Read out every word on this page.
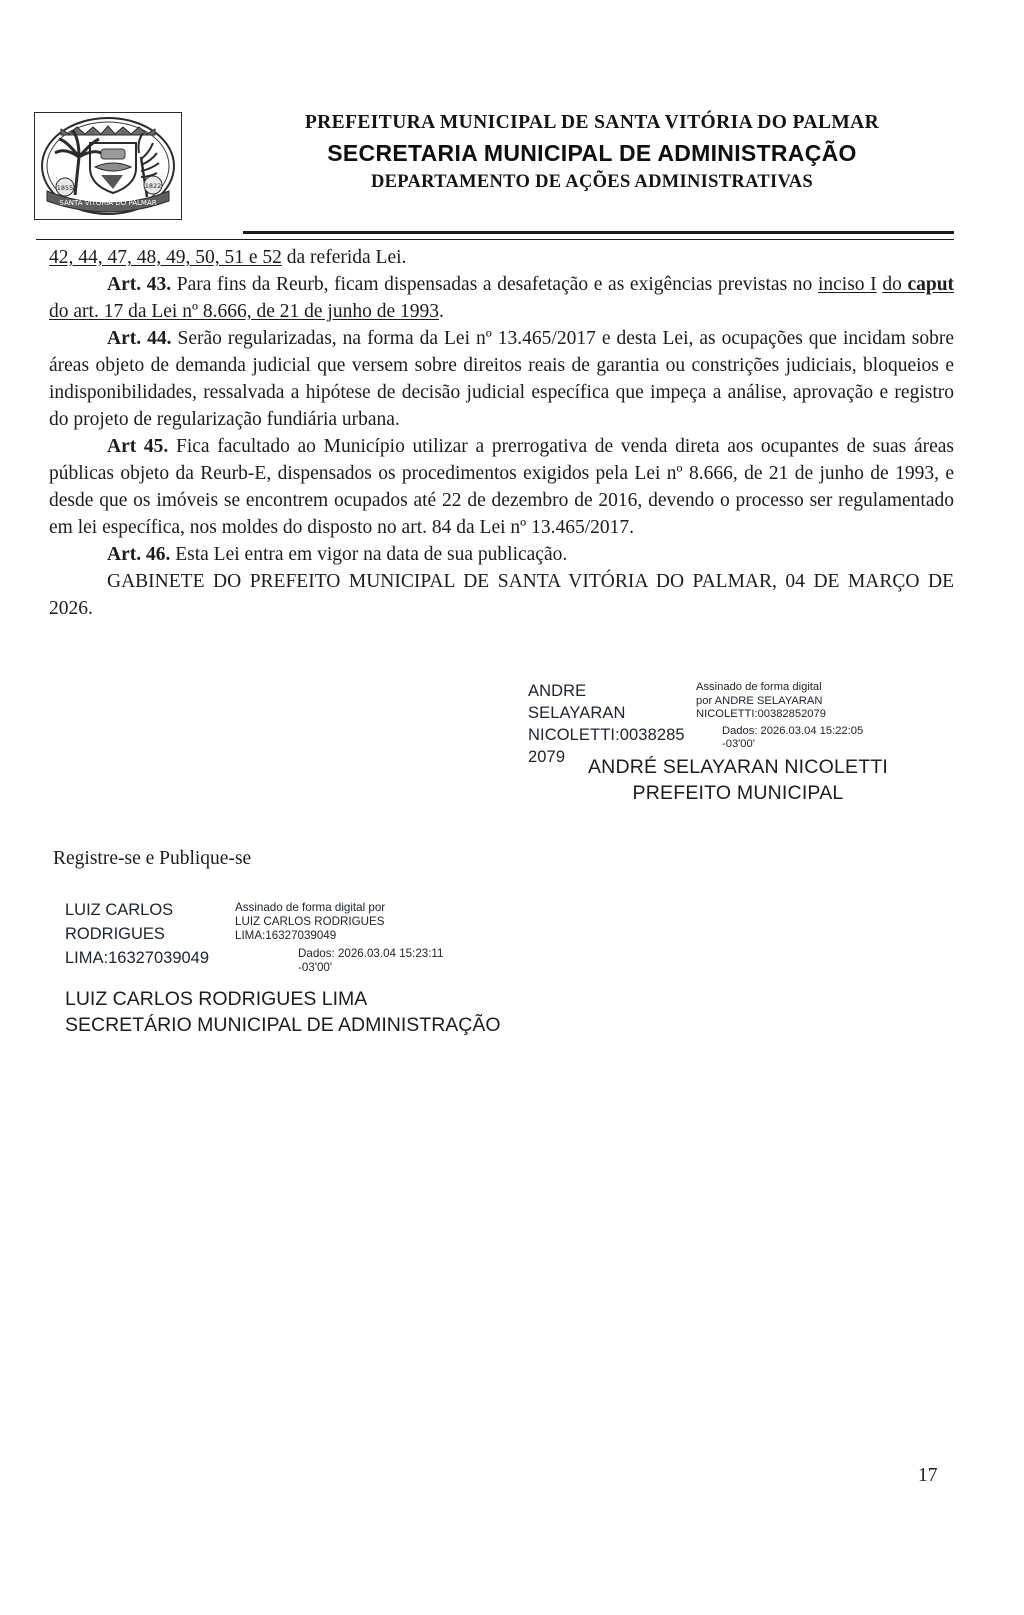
SANTA VITÓRIA DO PALMAR
1855	1822
PREFEITURA MUNICIPAL DE SANTA VITÓRIA DO PALMAR
SECRETARIA MUNICIPAL DE ADMINISTRAÇÃO
DEPARTAMENTO DE AÇÕES ADMINISTRATIVAS

42, 44, 47, 48, 49, 50, 51 e 52 da referida Lei.

Art. 43. Para fins da Reurb, ficam dispensadas a desafetação e as exigências previstas no inciso I do caput do art. 17 da Lei nº 8.666, de 21 de junho de 1993.

Art. 44. Serão regularizadas, na forma da Lei nº 13.465/2017 e desta Lei, as ocupações que incidam sobre áreas objeto de demanda judicial que versem sobre direitos reais de garantia ou constrições judiciais, bloqueios e indisponibilidades, ressalvada a hipótese de decisão judicial específica que impeça a análise, aprovação e registro do projeto de regularização fundiária urbana.

Art 45. Fica facultado ao Município utilizar a prerrogativa de venda direta aos ocupantes de suas áreas públicas objeto da Reurb-E, dispensados os procedimentos exigidos pela Lei nº 8.666, de 21 de junho de 1993, e desde que os imóveis se encontrem ocupados até 22 de dezembro de 2016, devendo o processo ser regulamentado em lei específica, nos moldes do disposto no art. 84 da Lei nº 13.465/2017.

Art. 46. Esta Lei entra em vigor na data de sua publicação.

GABINETE DO PREFEITO MUNICIPAL DE SANTA VITÓRIA DO PALMAR, 04 DE MARÇO DE 2026.

ANDRE SELAYARAN
NICOLETTI:0038285
2079
Assinado de forma digital
por ANDRE SELAYARAN
NICOLETTI:00382852079
Dados: 2026.03.04 15:22:05
-03'00'
ANDRÉ SELAYARAN NICOLETTI
PREFEITO MUNICIPAL
Registre-se e Publique-se
LUIZ CARLOS
RODRIGUES
LIMA:16327039049
Assinado de forma digital por
LUIZ CARLOS RODRIGUES
LIMA:16327039049
Dados: 2026.03.04 15:23:11
-03'00'
LUIZ CARLOS RODRIGUES LIMA
SECRETÁRIO MUNICIPAL DE ADMINISTRAÇÃO
17
